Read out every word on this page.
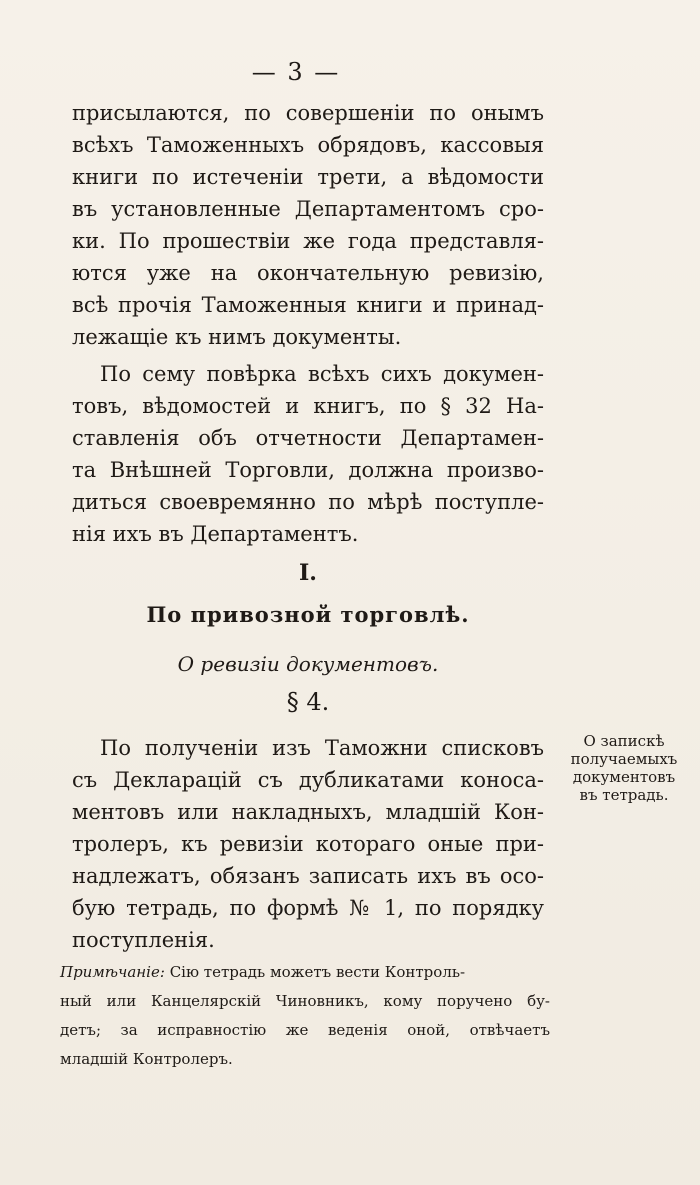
— 3 —
присылаются, по совершенiи по онымъ
всѣхъ Таможенныхъ обрядовъ, кассовыя
книги по истеченiи трети, а вѣдомости
въ установленные Департаментомъ сро-
ки. По прошествiи же года представля-
ются уже на окончательную ревизiю,
всѣ прочiя Таможенныя книги и принад-
лежащiе къ нимъ документы.
По сему повѣрка всѣхъ сихъ докумен-
товъ, вѣдомостей и книгъ, по § 32 На-
ставленiя объ отчетности Департамен-
та Внѣшней Торговли, должна произво-
диться своевремянно по мѣрѣ поступле-
нiя ихъ въ Департаментъ.
I.
По привозной торговлѣ.
О ревизiи документовъ.
§ 4.
По полученiи изъ Таможни списковъ
съ Декларацiй съ дубликатами коноса-
ментовъ или накладныхъ, младшiй Кон-
тролеръ, къ ревизiи котораго оные при-
надлежатъ, обязанъ записать ихъ въ осо-
бую тетрадь, по формѣ № 1, по порядку
поступленiя.
О запискѣ
получаемыхъ
документовъ
въ тетрадь.
Примѣчанiе: Сiю тетрадь можетъ вести Контроль-
ный или Канцелярскiй Чиновникъ, кому поручено бу-
детъ; за исправностiю же веденiя оной, отвѣчаетъ
младшiй Контролеръ.
